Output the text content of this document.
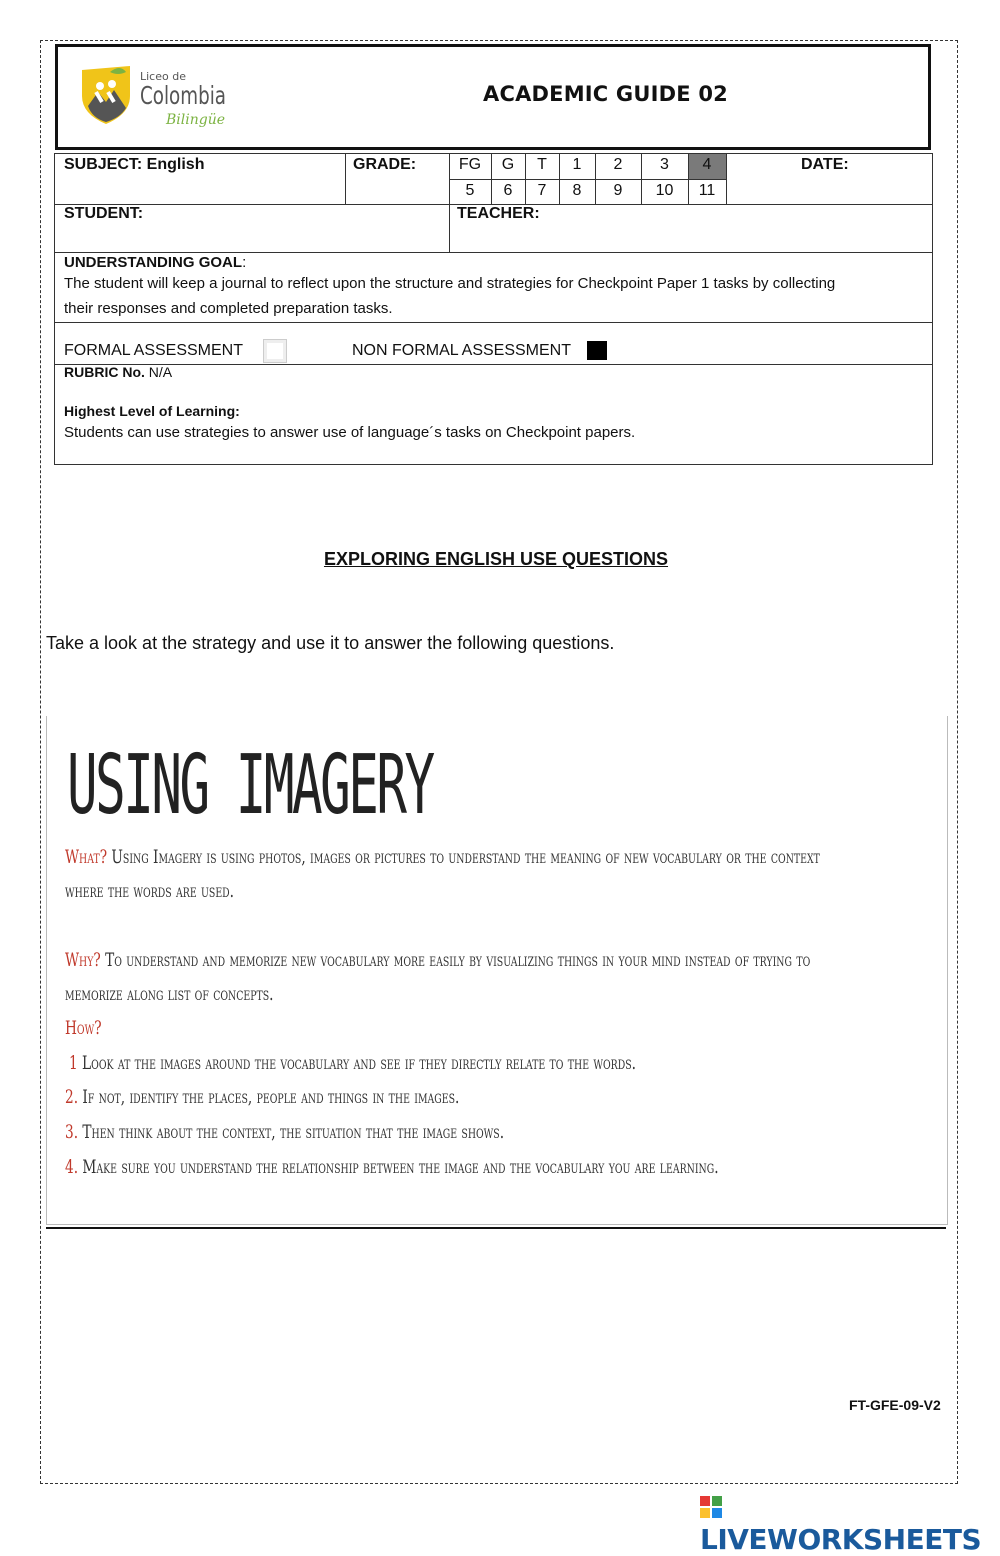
Liceo de
Colombia
Bilingüe
ACADEMIC GUIDE 02
SUBJECT: English	GRADE:	DATE:
FG	G	T	1	2	3	4
5	6	7	8	9	10	11
STUDENT:	TEACHER:
UNDERSTANDING GOAL:
The student will keep a journal to reflect upon the structure and strategies for Checkpoint Paper 1 tasks by collecting
their responses and completed preparation tasks.
FORMAL ASSESSMENT	NON FORMAL ASSESSMENT
RUBRIC No. N/A
Highest Level of Learning:
Students can use strategies to answer use of language´s tasks on Checkpoint papers.
EXPLORING ENGLISH USE QUESTIONS
Take a look at the strategy and use it to answer the following questions.
USING IMAGERY
What? Using Imagery is using photos, images or pictures to understand the meaning of new vocabulary or the context
where the words are used.
Why? To understand and memorize new vocabulary more easily by visualizing things in your mind instead of trying to
memorize along list of concepts.
How?
1 Look at the images around the vocabulary and see if they directly relate to the words.
2. If not, identify the places, people and things in the images.
3. Then think about the context, the situation that the image shows.
4. Make sure you understand the relationship between the image and the vocabulary you are learning.
FT-GFE-09-V2
LIVEWORKSHEETS
